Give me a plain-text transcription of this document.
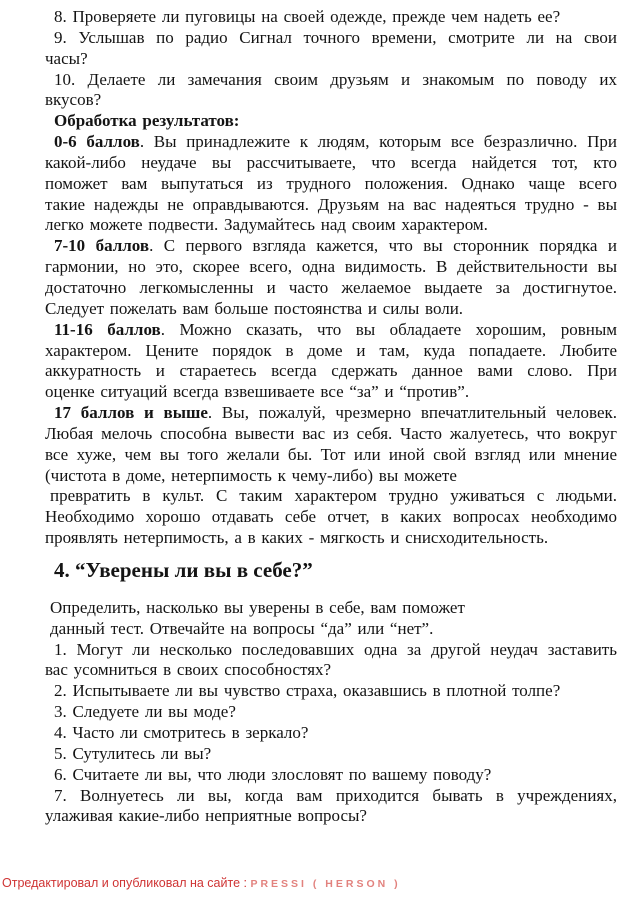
8. Проверяете ли пуговицы на своей одежде, прежде чем надеть ее?
9. Услышав по радио Сигнал точного времени, смотрите ли на свои
часы?
10. Делаете ли замечания своим друзьям и знакомым по поводу их
вкусов?
Обработка результатов:
0-6 баллов. Вы принадлежите к людям, которым все безразлично. При
какой-либо неудаче вы рассчитываете, что всегда найдется тот, кто
поможет вам выпутаться из трудного положения. Однако чаще всего
такие надежды не оправдываются. Друзьям на вас надеяться трудно - вы
легко можете подвести. Задумайтесь над своим характером.
7-10 баллов. С первого взгляда кажется, что вы сторонник порядка и
гармонии, но это, скорее всего, одна видимость. В действительности вы
достаточно легкомысленны и часто желаемое выдаете за достигнутое.
Следует пожелать вам больше постоянства и силы воли.
11-16 баллов. Можно сказать, что вы обладаете хорошим, ровным
характером. Цените порядок в доме и там, куда попадаете. Любите
аккуратность и стараетесь всегда сдержать данное вами слово. При
оценке ситуаций всегда взвешиваете все “за” и “против”.
17 баллов и выше. Вы, пожалуй, чрезмерно впечатлительный человек.
Любая мелочь способна вывести вас из себя. Часто жалуетесь, что вокруг
все хуже, чем вы того желали бы. Тот или иной свой взгляд или мнение
(чистота в доме, нетерпимость к чему-либо) вы можете
превратить в культ. С таким характером трудно уживаться с людьми.
Необходимо хорошо отдавать себе отчет, в каких вопросах необходимо
проявлять нетерпимость, а в каких - мягкость и снисходительность.
4. “Уверены ли вы в себе?”
Определить, насколько вы уверены в себе, вам поможет
данный тест. Отвечайте на вопросы “да” или “нет”.
1. Могут ли несколько последовавших одна за другой неудач заставить
вас усомниться в своих способностях?
2. Испытываете ли вы чувство страха, оказавшись в плотной толпе?
3. Следуете ли вы моде?
4. Часто ли смотритесь в зеркало?
5. Сутулитесь ли вы?
6. Считаете ли вы, что люди злословят по вашему поводу?
7. Волнуетесь ли вы, когда вам приходится бывать в учреждениях,
улаживая какие-либо неприятные вопросы?
Отредактировал и опубликовал на сайте : PRESSI ( HERSON )
